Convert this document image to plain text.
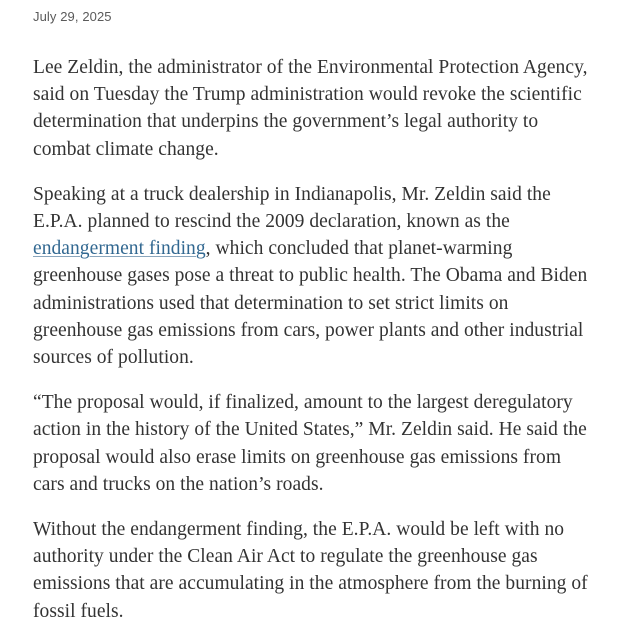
July 29, 2025

Lee Zeldin, the administrator of the Environmental Protection Agency, said on Tuesday the Trump administration would revoke the scientific determination that underpins the government’s legal authority to combat climate change.

Speaking at a truck dealership in Indianapolis, Mr. Zeldin said the E.P.A. planned to rescind the 2009 declaration, known as the endangerment finding, which concluded that planet-warming greenhouse gases pose a threat to public health. The Obama and Biden administrations used that determination to set strict limits on greenhouse gas emissions from cars, power plants and other industrial sources of pollution.

“The proposal would, if finalized, amount to the largest deregulatory action in the history of the United States,” Mr. Zeldin said. He said the proposal would also erase limits on greenhouse gas emissions from cars and trucks on the nation’s roads.

Without the endangerment finding, the E.P.A. would be left with no authority under the Clean Air Act to regulate the greenhouse gas emissions that are accumulating in the atmosphere from the burning of fossil fuels.
